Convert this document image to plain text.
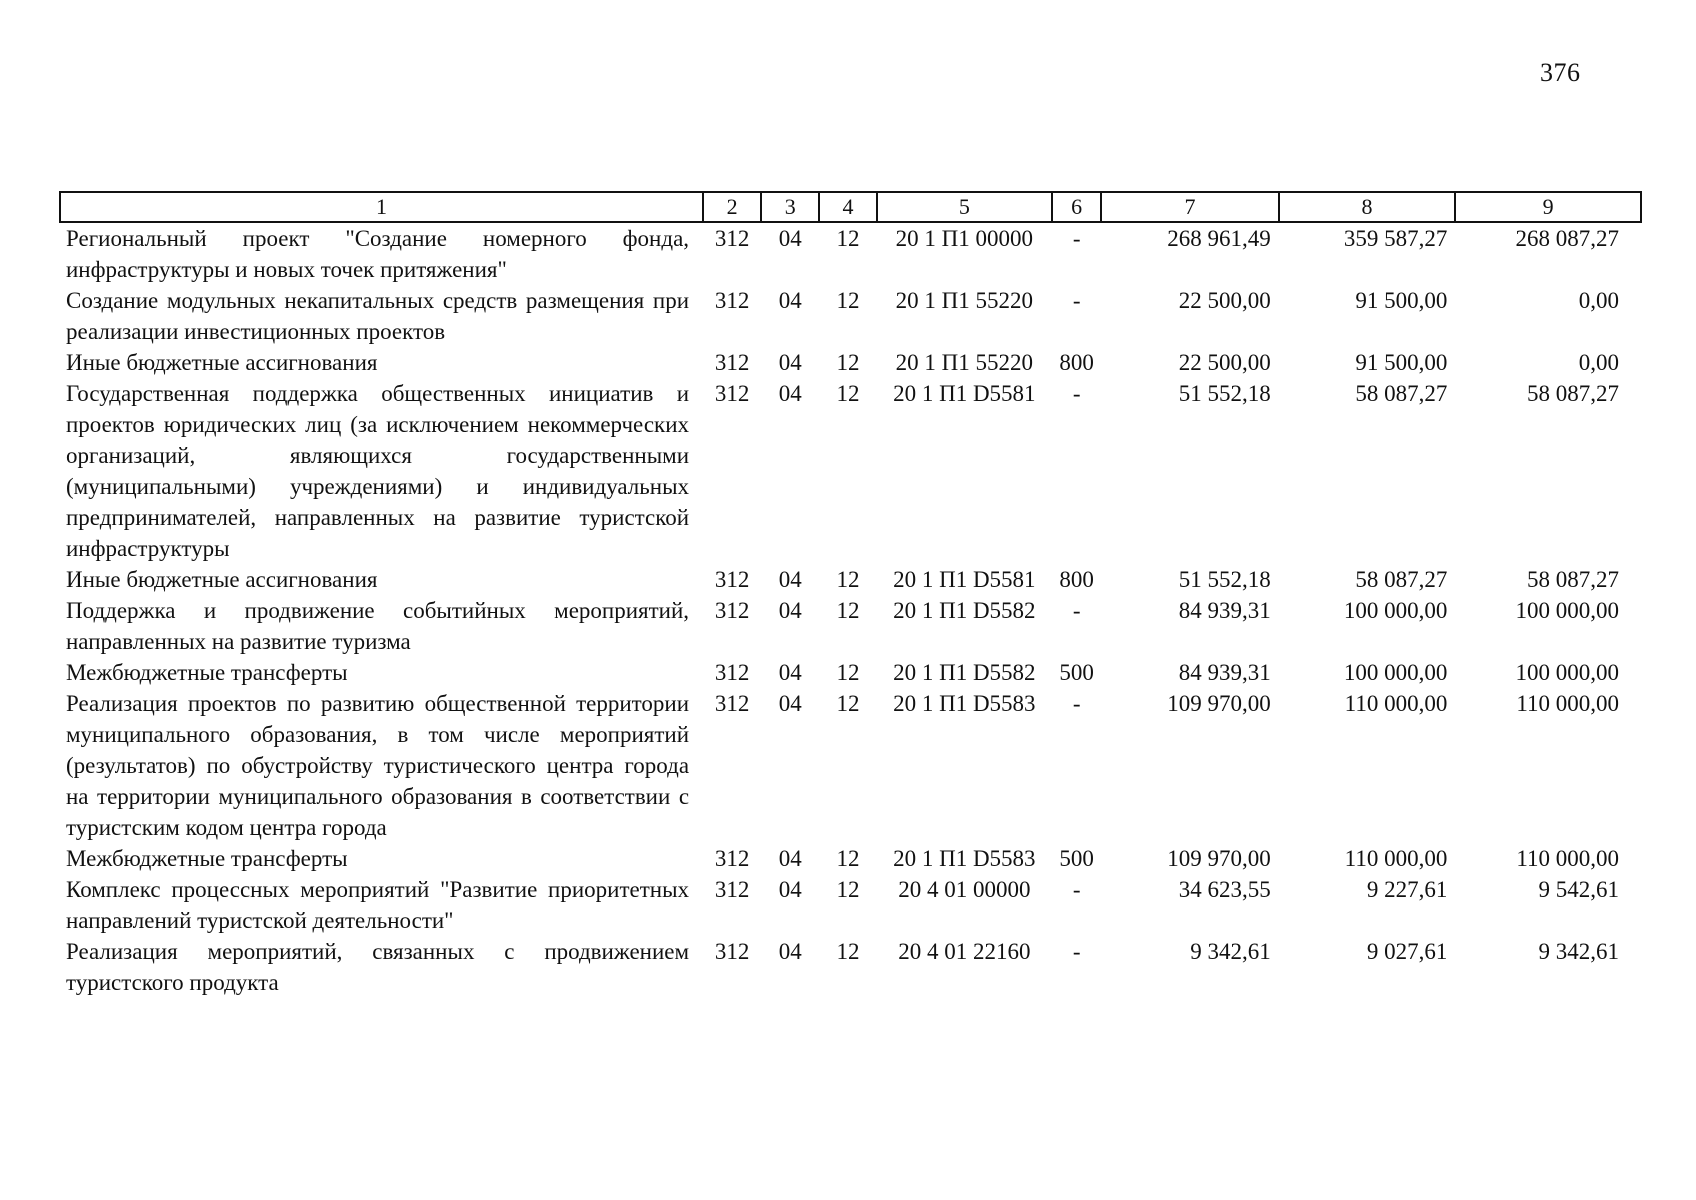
376
1	2	3	4	5	6	7	8	9
Региональный проект "Создание номерного фонда, инфраструктуры и новых точек притяжения"	312	04	12	20 1 П1 00000	-	268 961,49	359 587,27	268 087,27
Создание модульных некапитальных средств размещения при реализации инвестиционных проектов	312	04	12	20 1 П1 55220	-	22 500,00	91 500,00	0,00
Иные бюджетные ассигнования	312	04	12	20 1 П1 55220	800	22 500,00	91 500,00	0,00
Государственная поддержка общественных инициатив и проектов юридических лиц (за исключением некоммерческих организаций, являющихся государственными (муниципальными) учреждениями) и индивидуальных предпринимателей, направленных на развитие туристской инфраструктуры	312	04	12	20 1 П1 D5581	-	51 552,18	58 087,27	58 087,27
Иные бюджетные ассигнования	312	04	12	20 1 П1 D5581	800	51 552,18	58 087,27	58 087,27
Поддержка и продвижение событийных мероприятий, направленных на развитие туризма	312	04	12	20 1 П1 D5582	-	84 939,31	100 000,00	100 000,00
Межбюджетные трансферты	312	04	12	20 1 П1 D5582	500	84 939,31	100 000,00	100 000,00
Реализация проектов по развитию общественной территории муниципального образования, в том числе мероприятий (результатов) по обустройству туристического центра города на территории муниципального образования в соответствии с туристским кодом центра города	312	04	12	20 1 П1 D5583	-	109 970,00	110 000,00	110 000,00
Межбюджетные трансферты	312	04	12	20 1 П1 D5583	500	109 970,00	110 000,00	110 000,00
Комплекс процессных мероприятий "Развитие приоритетных направлений туристской деятельности"	312	04	12	20 4 01 00000	-	34 623,55	9 227,61	9 542,61
Реализация мероприятий, связанных с продвижением туристского продукта	312	04	12	20 4 01 22160	-	9 342,61	9 027,61	9 342,61
